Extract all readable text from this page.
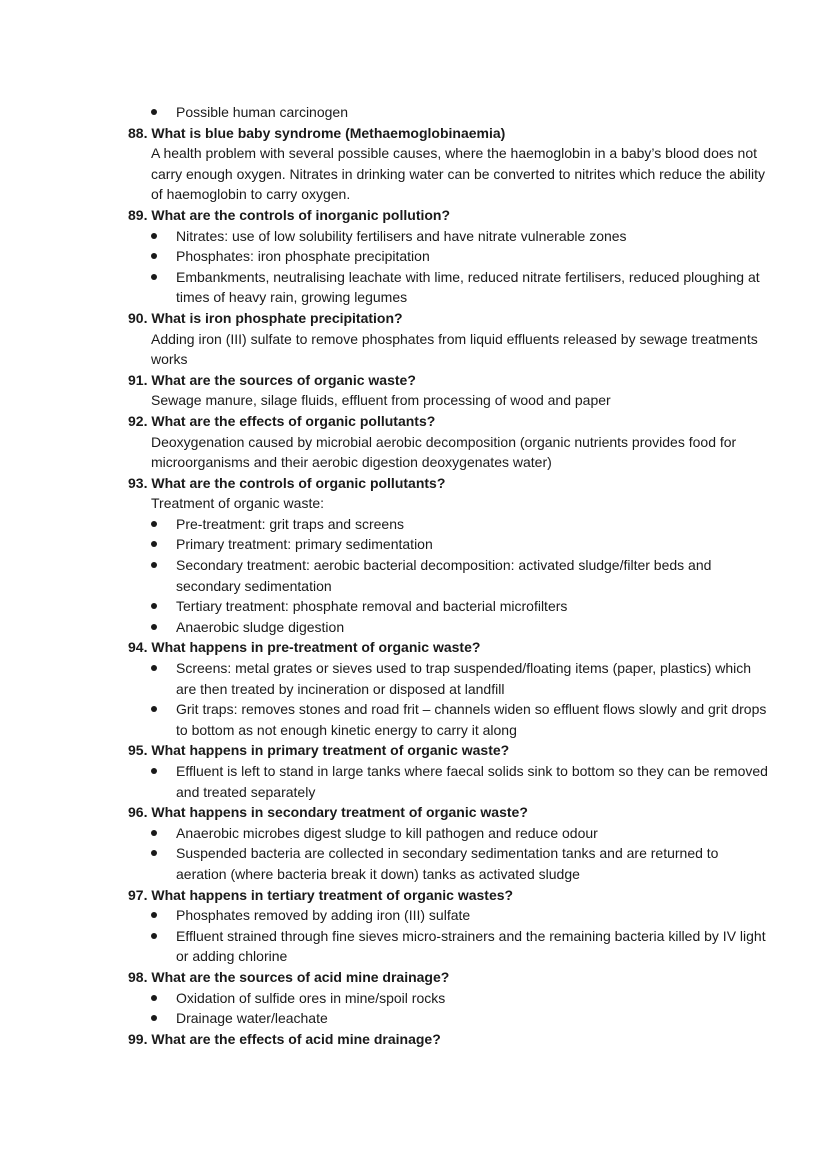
Possible human carcinogen

88. What is blue baby syndrome (Methaemoglobinaemia)

A health problem with several possible causes, where the haemoglobin in a baby’s blood does not carry enough oxygen. Nitrates in drinking water can be converted to nitrites which reduce the ability of haemoglobin to carry oxygen.

89. What are the controls of inorganic pollution?

Nitrates: use of low solubility fertilisers and have nitrate vulnerable zones
Phosphates: iron phosphate precipitation
Embankments, neutralising leachate with lime, reduced nitrate fertilisers, reduced ploughing at times of heavy rain, growing legumes

90. What is iron phosphate precipitation?

Adding iron (III) sulfate to remove phosphates from liquid effluents released by sewage treatments works

91. What are the sources of organic waste?

Sewage manure, silage fluids, effluent from processing of wood and paper

92. What are the effects of organic pollutants?

Deoxygenation caused by microbial aerobic decomposition (organic nutrients provides food for microorganisms and their aerobic digestion deoxygenates water)

93. What are the controls of organic pollutants?

Treatment of organic waste:

Pre-treatment: grit traps and screens
Primary treatment: primary sedimentation
Secondary treatment: aerobic bacterial decomposition: activated sludge/filter beds and secondary sedimentation
Tertiary treatment: phosphate removal and bacterial microfilters
Anaerobic sludge digestion

94. What happens in pre-treatment of organic waste?

Screens: metal grates or sieves used to trap suspended/floating items (paper, plastics) which are then treated by incineration or disposed at landfill
Grit traps: removes stones and road frit – channels widen so effluent flows slowly and grit drops to bottom as not enough kinetic energy to carry it along

95. What happens in primary treatment of organic waste?

Effluent is left to stand in large tanks where faecal solids sink to bottom so they can be removed and treated separately

96. What happens in secondary treatment of organic waste?

Anaerobic microbes digest sludge to kill pathogen and reduce odour
Suspended bacteria are collected in secondary sedimentation tanks and are returned to aeration (where bacteria break it down) tanks as activated sludge

97. What happens in tertiary treatment of organic wastes?

Phosphates removed by adding iron (III) sulfate
Effluent strained through fine sieves micro-strainers and the remaining bacteria killed by IV light or adding chlorine

98. What are the sources of acid mine drainage?

Oxidation of sulfide ores in mine/spoil rocks
Drainage water/leachate

99. What are the effects of acid mine drainage?
